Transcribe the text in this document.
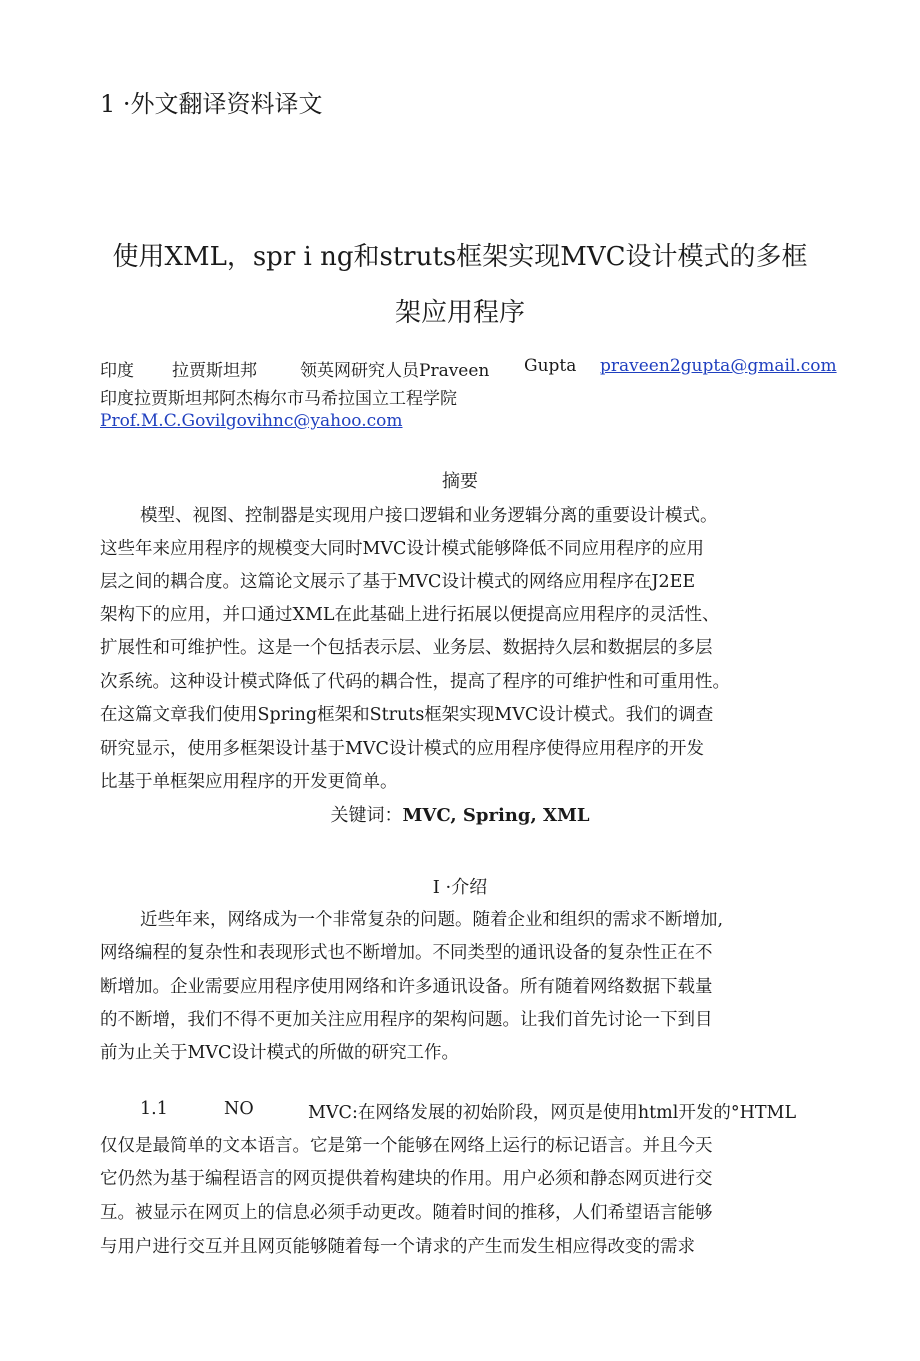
1 ·外文翻译资料译文
使用XML，spr i ng和struts框架实现MVC设计模式的多框
架应用程序
印度 拉贾斯坦邦	领英网研究人员Praveen Gupta praveen2gupta@gmail.com
印度拉贾斯坦邦阿杰梅尔市马希拉国立工程学院
Prof.M.C.Govilgovihnc@yahoo.com
摘要
模型、视图、控制器是实现用户接口逻辑和业务逻辑分离的重要设计模式。
这些年来应用程序的规模变大同时MVC设计模式能够降低不同应用程序的应用
层之间的耦合度。这篇论文展示了基于MVC设计模式的网络应用程序在J2EE
架构下的应用，并口通过XML在此基础上进行拓展以便提高应用程序的灵活性、
扩展性和可维护性。这是一个包括表示层、业务层、数据持久层和数据层的多层
次系统。这种设计模式降低了代码的耦合性，提高了程序的可维护性和可重用性。
在这篇文章我们使用Spring框架和Struts框架实现MVC设计模式。我们的调查
研究显示，使用多框架设计基于MVC设计模式的应用程序使得应用程序的开发
比基于单框架应用程序的开发更简单。
关键词：MVC, Spring, XML
I ·介绍
近些年来，网络成为一个非常复杂的问题。随着企业和组织的需求不断增加,
网络编程的复杂性和表现形式也不断增加。不同类型的通讯设备的复杂性正在不
断增加。企业需要应用程序使用网络和许多通讯设备。所有随着网络数据下载量
的不断增，我们不得不更加关注应用程序的架构问题。让我们首先讨论一下到目
前为止关于MVC设计模式的所做的研究工作。
1.1	NO	MVC:在网络发展的初始阶段，网页是使用html开发的°HTML
仅仅是最简单的文本语言。它是第一个能够在网络上运行的标记语言。并且今天
它仍然为基于编程语言的网页提供着构建块的作用。用户必须和静态网页进行交
互。被显示在网页上的信息必须手动更改。随着时间的推移，人们希望语言能够
与用户进行交互并且网页能够随着每一个请求的产生而发生相应得改变的需求
